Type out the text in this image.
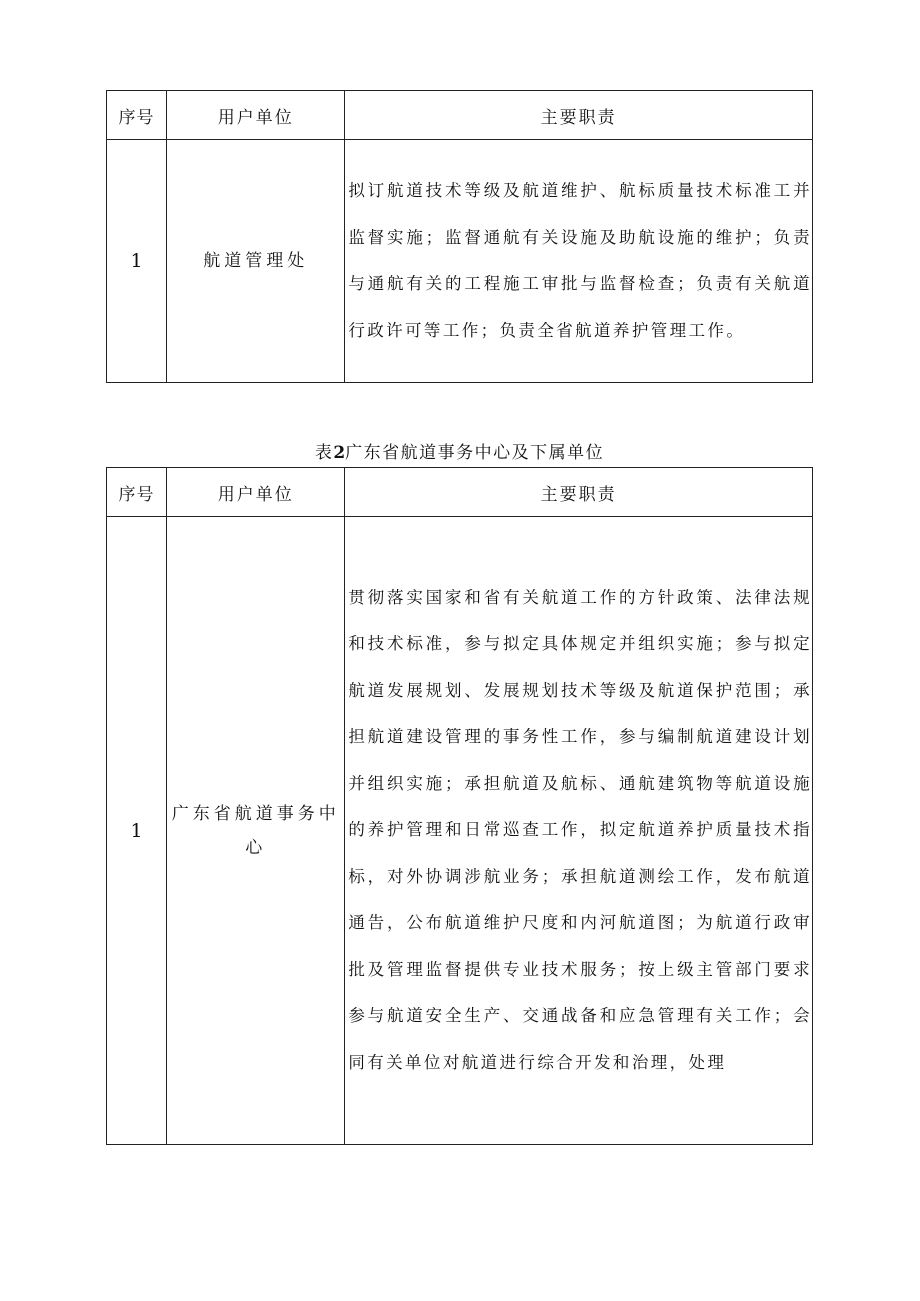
序号	用户单位	主要职责
1	航道管理处	拟订航道技术等级及航道维护、航标质量技术标准工并监督实施；监督通航有关设施及助航设施的维护；负责与通航有关的工程施工审批与监督检查；负责有关航道行政许可等工作；负责全省航道养护管理工作。
表2广东省航道事务中心及下属单位
序号	用户单位	主要职责
1	广东省航道事务中心	贯彻落实国家和省有关航道工作的方针政策、法律法规和技术标准，参与拟定具体规定并组织实施；参与拟定航道发展规划、发展规划技术等级及航道保护范围；承担航道建设管理的事务性工作，参与编制航道建设计划并组织实施；承担航道及航标、通航建筑物等航道设施的养护管理和日常巡查工作，拟定航道养护质量技术指标，对外协调涉航业务；承担航道测绘工作，发布航道通告，公布航道维护尺度和内河航道图；为航道行政审批及管理监督提供专业技术服务；按上级主管部门要求参与航道安全生产、交通战备和应急管理有关工作；会同有关单位对航道进行综合开发和治理，处理
